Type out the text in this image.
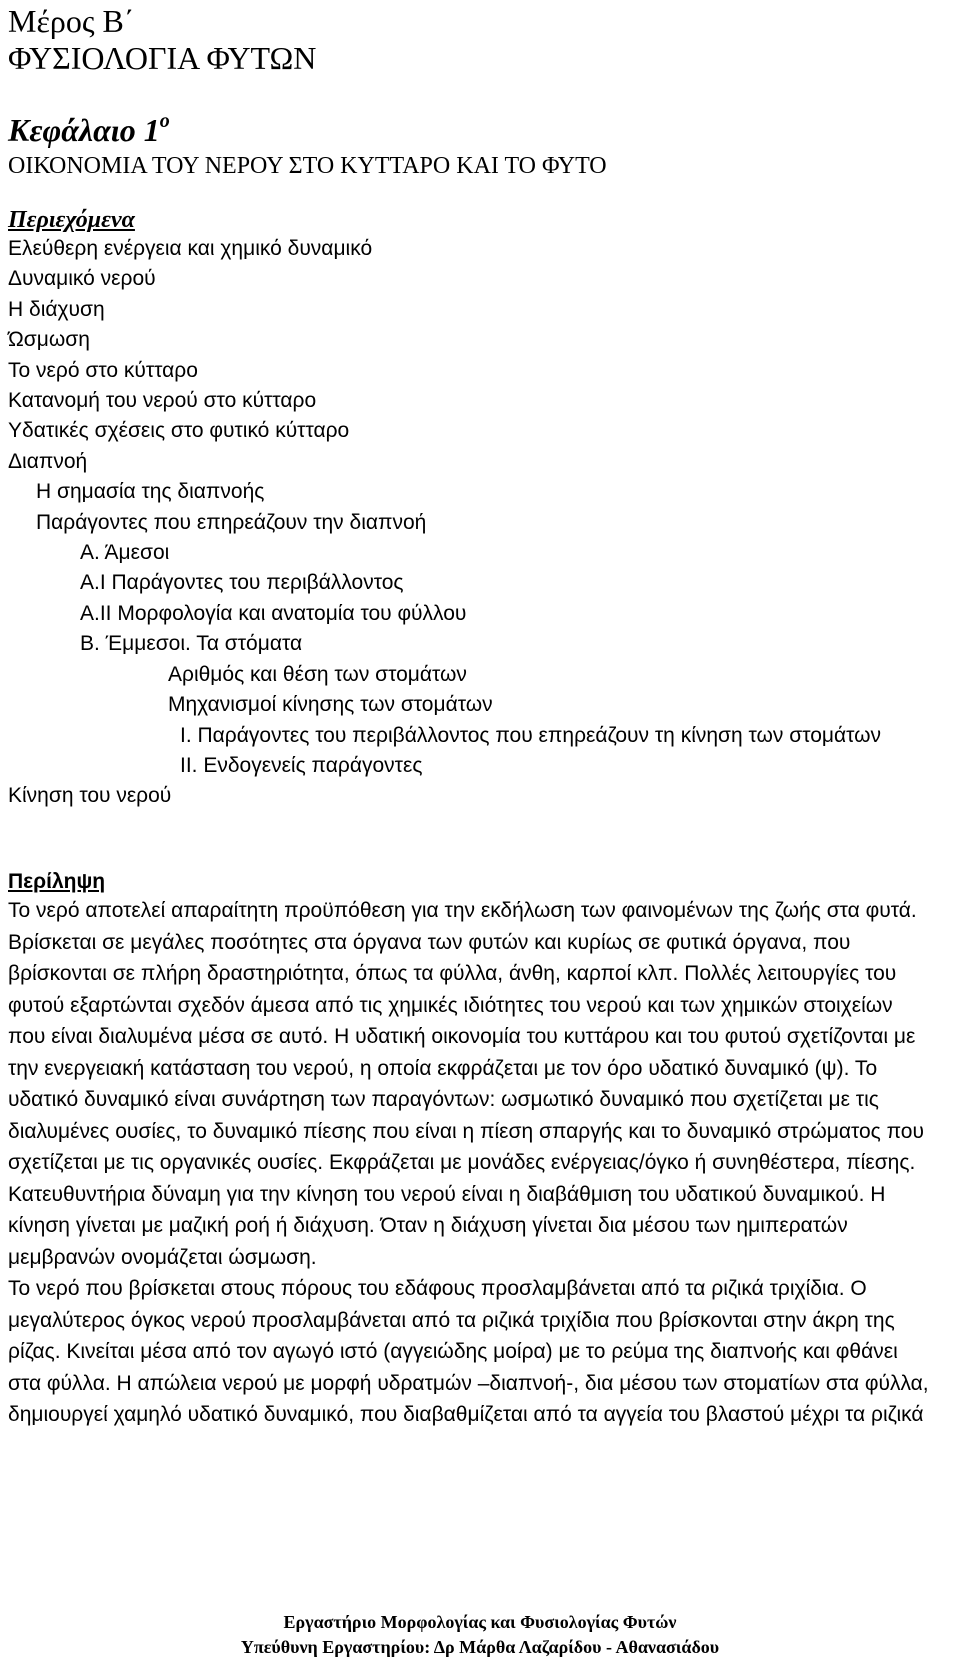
Μέρος Β΄
ΦΥΣΙΟΛΟΓΙΑ ΦΥΤΩΝ
Κεφάλαιο $1^o$
ΟΙΚΟΝΟΜΙΑ ΤΟΥ ΝΕΡΟΥ ΣΤΟ ΚΥΤΤΑΡΟ ΚΑΙ ΤΟ ΦΥΤΟ
Περιεχόμενα
Ελεύθερη ενέργεια και χημικό δυναμικό
Δυναμικό νερού
Η διάχυση
Ώσμωση
Το νερό στο κύτταρο
Κατανομή του νερού στο κύτταρο
Υδατικές σχέσεις στο φυτικό κύτταρο
Διαπνοή
Η σημασία της διαπνοής
Παράγοντες που επηρεάζουν την διαπνοή
Α. Άμεσοι
Α.Ι Παράγοντες του περιβάλλοντος
Α.ΙΙ Μορφολογία και ανατομία του φύλλου
Β. Έμμεσοι. Τα στόματα
Αριθμός και θέση των στομάτων
Μηχανισμοί κίνησης των στομάτων
Ι. Παράγοντες του περιβάλλοντος που επηρεάζουν τη κίνηση των στομάτων
ΙΙ. Ενδογενείς παράγοντες
Κίνηση του νερού
Περίληψη

Το νερό αποτελεί απαραίτητη προϋπόθεση για την εκδήλωση των φαινομένων της ζωής στα φυτά. Βρίσκεται σε μεγάλες ποσότητες στα όργανα των φυτών και κυρίως σε φυτικά όργανα, που βρίσκονται σε πλήρη δραστηριότητα, όπως τα φύλλα, άνθη, καρποί κλπ. Πολλές λειτουργίες του φυτού εξαρτώνται σχεδόν άμεσα από τις χημικές ιδιότητες του νερού και των χημικών στοιχείων που είναι διαλυμένα μέσα σε αυτό. Η υδατική οικονομία του κυττάρου και του φυτού σχετίζονται με την ενεργειακή κατάσταση του νερού, η οποία εκφράζεται με τον όρο υδατικό δυναμικό (ψ). Το υδατικό δυναμικό είναι συνάρτηση των παραγόντων: ωσμωτικό δυναμικό που σχετίζεται με τις διαλυμένες ουσίες, το δυναμικό πίεσης που είναι η πίεση σπαργής και το δυναμικό στρώματος που σχετίζεται με τις οργανικές ουσίες. Εκφράζεται με μονάδες ενέργειας/όγκο ή συνηθέστερα, πίεσης.

Κατευθυντήρια δύναμη για την κίνηση του νερού είναι η διαβάθμιση του υδατικού δυναμικού. Η κίνηση γίνεται με μαζική ροή ή διάχυση. Όταν η διάχυση γίνεται δια μέσου των ημιπερατών μεμβρανών ονομάζεται ώσμωση.

Το νερό που βρίσκεται στους πόρους του εδάφους προσλαμβάνεται από τα ριζικά τριχίδια. Ο μεγαλύτερος όγκος νερού προσλαμβάνεται από τα ριζικά τριχίδια που βρίσκονται στην άκρη της ρίζας. Κινείται μέσα από τον αγωγό ιστό (αγγειώδης μοίρα) με το ρεύμα της διαπνοής και φθάνει στα φύλλα. Η απώλεια νερού με μορφή υδρατμών –διαπνοή-, δια μέσου των στοματίων στα φύλλα, δημιουργεί χαμηλό υδατικό δυναμικό, που διαβαθμίζεται από τα αγγεία του βλαστού μέχρι τα ριζικά

Εργαστήριο Μορφολογίας και Φυσιολογίας Φυτών
Υπεύθυνη Εργαστηρίου: Δρ Μάρθα Λαζαρίδου - Αθανασιάδου
